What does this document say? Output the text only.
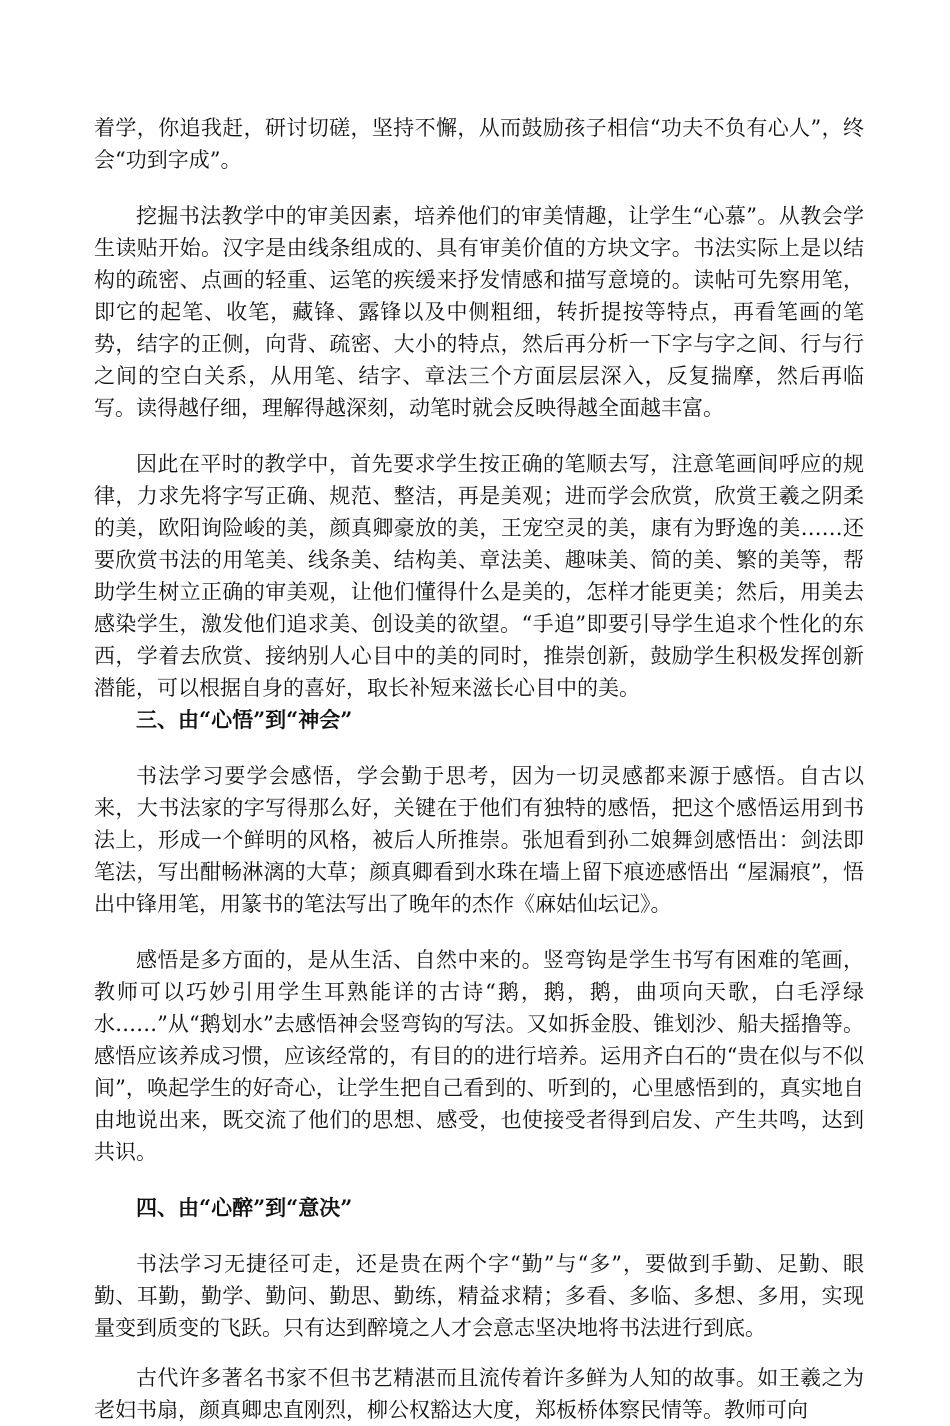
着学，你追我赶，研讨切磋，坚持不懈，从而鼓励孩子相信“功夫不负有心人”，终会“功到字成”。

挖掘书法教学中的审美因素，培养他们的审美情趣，让学生“心慕”。从教会学生读贴开始。汉字是由线条组成的、具有审美价值的方块文字。书法实际上是以结构的疏密、点画的轻重、运笔的疾缓来抒发情感和描写意境的。读帖可先察用笔，即它的起笔、收笔，藏锋、露锋以及中侧粗细，转折提按等特点，再看笔画的笔势，结字的正侧，向背、疏密、大小的特点，然后再分析一下字与字之间、行与行之间的空白关系，从用笔、结字、章法三个方面层层深入，反复揣摩，然后再临写。读得越仔细，理解得越深刻，动笔时就会反映得越全面越丰富。

因此在平时的教学中，首先要求学生按正确的笔顺去写，注意笔画间呼应的规律，力求先将字写正确、规范、整洁，再是美观；进而学会欣赏，欣赏王羲之阴柔的美，欧阳询险峻的美，颜真卿豪放的美，王宠空灵的美，康有为野逸的美……还要欣赏书法的用笔美、线条美、结构美、章法美、趣味美、简的美、繁的美等，帮助学生树立正确的审美观，让他们懂得什么是美的，怎样才能更美；然后，用美去感染学生，激发他们追求美、创设美的欲望。“手追”即要引导学生追求个性化的东西，学着去欣赏、接纳别人心目中的美的同时，推崇创新，鼓励学生积极发挥创新潜能，可以根据自身的喜好，取长补短来滋长心目中的美。

三、由“心悟”到“神会”

书法学习要学会感悟，学会勤于思考，因为一切灵感都来源于感悟。自古以来，大书法家的字写得那么好，关键在于他们有独特的感悟，把这个感悟运用到书法上，形成一个鲜明的风格，被后人所推崇。张旭看到孙二娘舞剑感悟出：剑法即笔法，写出酣畅淋漓的大草；颜真卿看到水珠在墙上留下痕迹感悟出 “屋漏痕”，悟出中锋用笔，用篆书的笔法写出了晚年的杰作《麻姑仙坛记》。

感悟是多方面的，是从生活、自然中来的。竖弯钩是学生书写有困难的笔画，教师可以巧妙引用学生耳熟能详的古诗“鹅，鹅，鹅，曲项向天歌，白毛浮绿水……”从“鹅划水”去感悟神会竖弯钩的写法。又如拆金股、锥划沙、船夫摇撸等。感悟应该养成习惯，应该经常的，有目的的进行培养。运用齐白石的“贵在似与不似间”，唤起学生的好奇心，让学生把自己看到的、听到的，心里感悟到的，真实地自由地说出来，既交流了他们的思想、感受，也使接受者得到启发、产生共鸣，达到共识。

四、由“心醉”到“意决”

书法学习无捷径可走，还是贵在两个字“勤”与“多”，要做到手勤、足勤、眼勤、耳勤，勤学、勤问、勤思、勤练，精益求精；多看、多临、多想、多用，实现量变到质变的飞跃。只有达到醉境之人才会意志坚决地将书法进行到底。

古代许多著名书家不但书艺精湛而且流传着许多鲜为人知的故事。如王羲之为老妇书扇，颜真卿忠直刚烈，柳公权豁达大度，郑板桥体察民情等。教师可向
